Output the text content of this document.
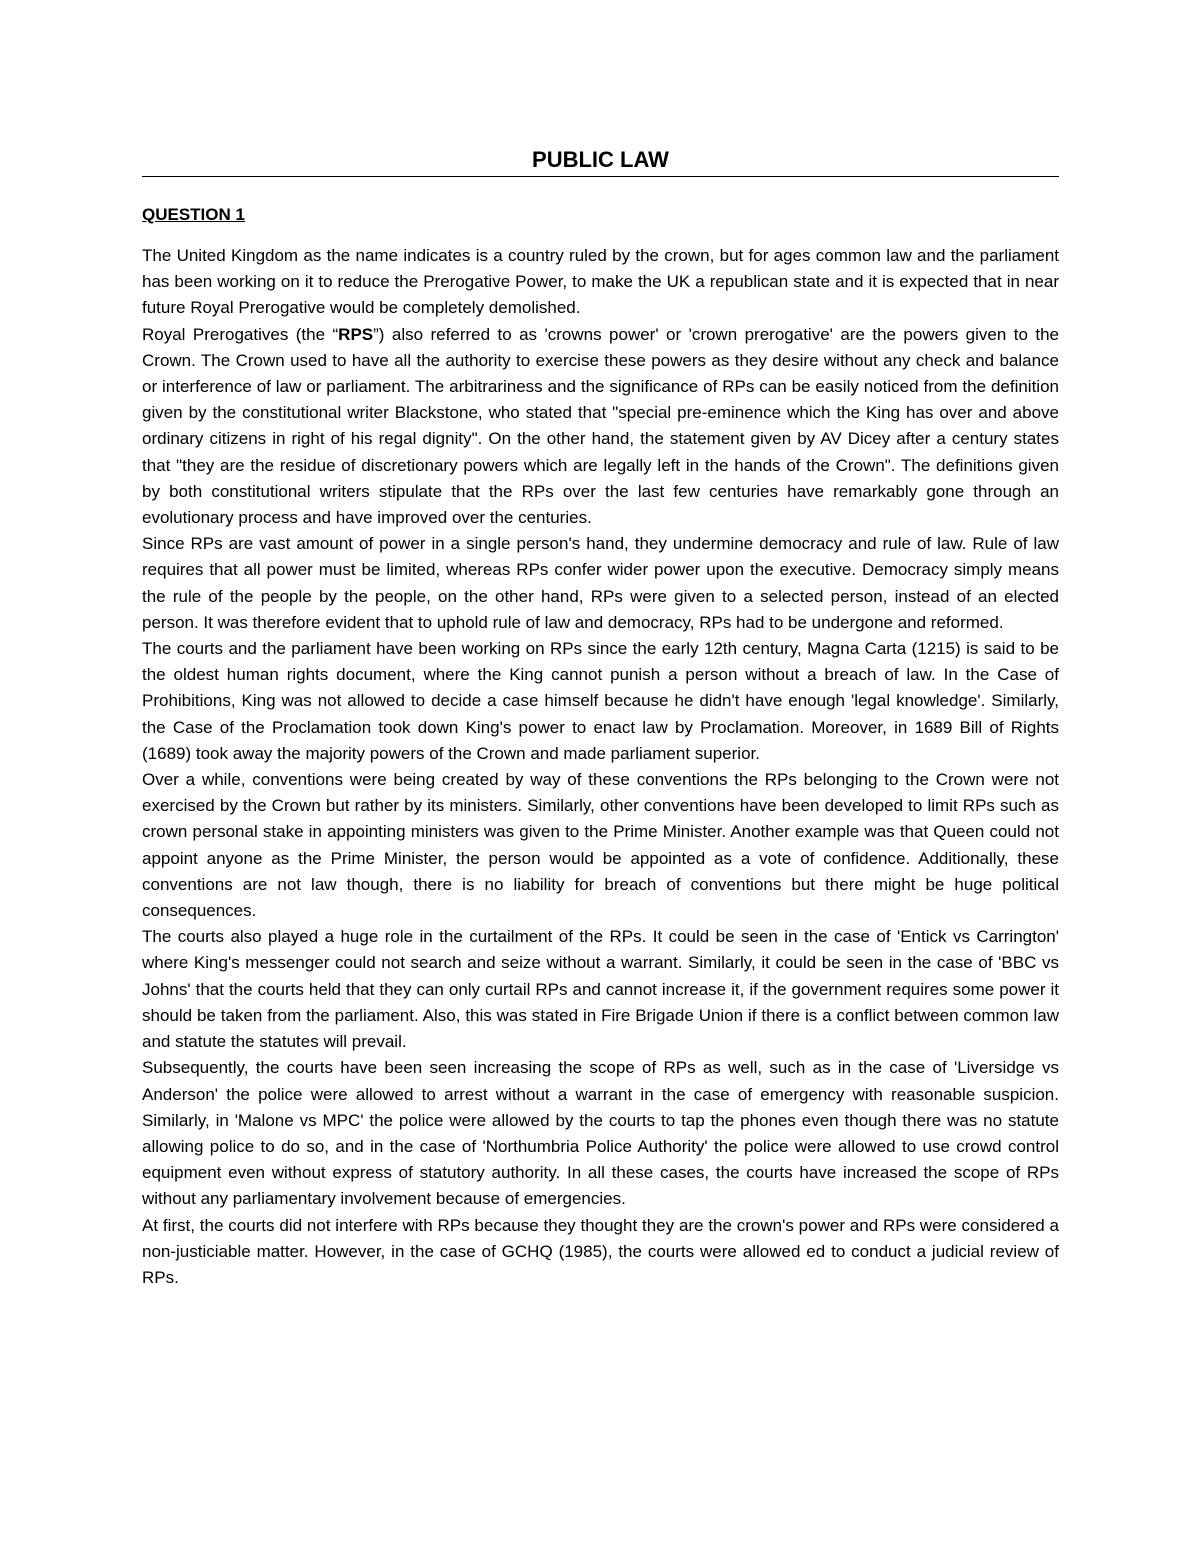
PUBLIC LAW
QUESTION 1

The United Kingdom as the name indicates is a country ruled by the crown, but for ages common law and the parliament has been working on it to reduce the Prerogative Power, to make the UK a republican state and it is expected that in near future Royal Prerogative would be completely demolished.

Royal Prerogatives (the “RPS”) also referred to as 'crowns power' or 'crown prerogative' are the powers given to the Crown. The Crown used to have all the authority to exercise these powers as they desire without any check and balance or interference of law or parliament. The arbitrariness and the significance of RPs can be easily noticed from the definition given by the constitutional writer Blackstone, who stated that "special pre-eminence which the King has over and above ordinary citizens in right of his regal dignity". On the other hand, the statement given by AV Dicey after a century states that "they are the residue of discretionary powers which are legally left in the hands of the Crown". The definitions given by both constitutional writers stipulate that the RPs over the last few centuries have remarkably gone through an evolutionary process and have improved over the centuries.

Since RPs are vast amount of power in a single person's hand, they undermine democracy and rule of law. Rule of law requires that all power must be limited, whereas RPs confer wider power upon the executive. Democracy simply means the rule of the people by the people, on the other hand, RPs were given to a selected person, instead of an elected person. It was therefore evident that to uphold rule of law and democracy, RPs had to be undergone and reformed.

The courts and the parliament have been working on RPs since the early 12th century, Magna Carta (1215) is said to be the oldest human rights document, where the King cannot punish a person without a breach of law. In the Case of Prohibitions, King was not allowed to decide a case himself because he didn't have enough 'legal knowledge'. Similarly, the Case of the Proclamation took down King's power to enact law by Proclamation. Moreover, in 1689 Bill of Rights (1689) took away the majority powers of the Crown and made parliament superior.

Over a while, conventions were being created by way of these conventions the RPs belonging to the Crown were not exercised by the Crown but rather by its ministers. Similarly, other conventions have been developed to limit RPs such as crown personal stake in appointing ministers was given to the Prime Minister. Another example was that Queen could not appoint anyone as the Prime Minister, the person would be appointed as a vote of confidence. Additionally, these conventions are not law though, there is no liability for breach of conventions but there might be huge political consequences.

The courts also played a huge role in the curtailment of the RPs. It could be seen in the case of 'Entick vs Carrington' where King's messenger could not search and seize without a warrant. Similarly, it could be seen in the case of 'BBC vs Johns' that the courts held that they can only curtail RPs and cannot increase it, if the government requires some power it should be taken from the parliament. Also, this was stated in Fire Brigade Union if there is a conflict between common law and statute the statutes will prevail.

Subsequently, the courts have been seen increasing the scope of RPs as well, such as in the case of 'Liversidge vs Anderson' the police were allowed to arrest without a warrant in the case of emergency with reasonable suspicion. Similarly, in 'Malone vs MPC' the police were allowed by the courts to tap the phones even though there was no statute allowing police to do so, and in the case of 'Northumbria Police Authority' the police were allowed to use crowd control equipment even without express of statutory authority. In all these cases, the courts have increased the scope of RPs without any parliamentary involvement because of emergencies.

At first, the courts did not interfere with RPs because they thought they are the crown's power and RPs were considered a non-justiciable matter. However, in the case of GCHQ (1985), the courts were allowed ed to conduct a judicial review of RPs.
